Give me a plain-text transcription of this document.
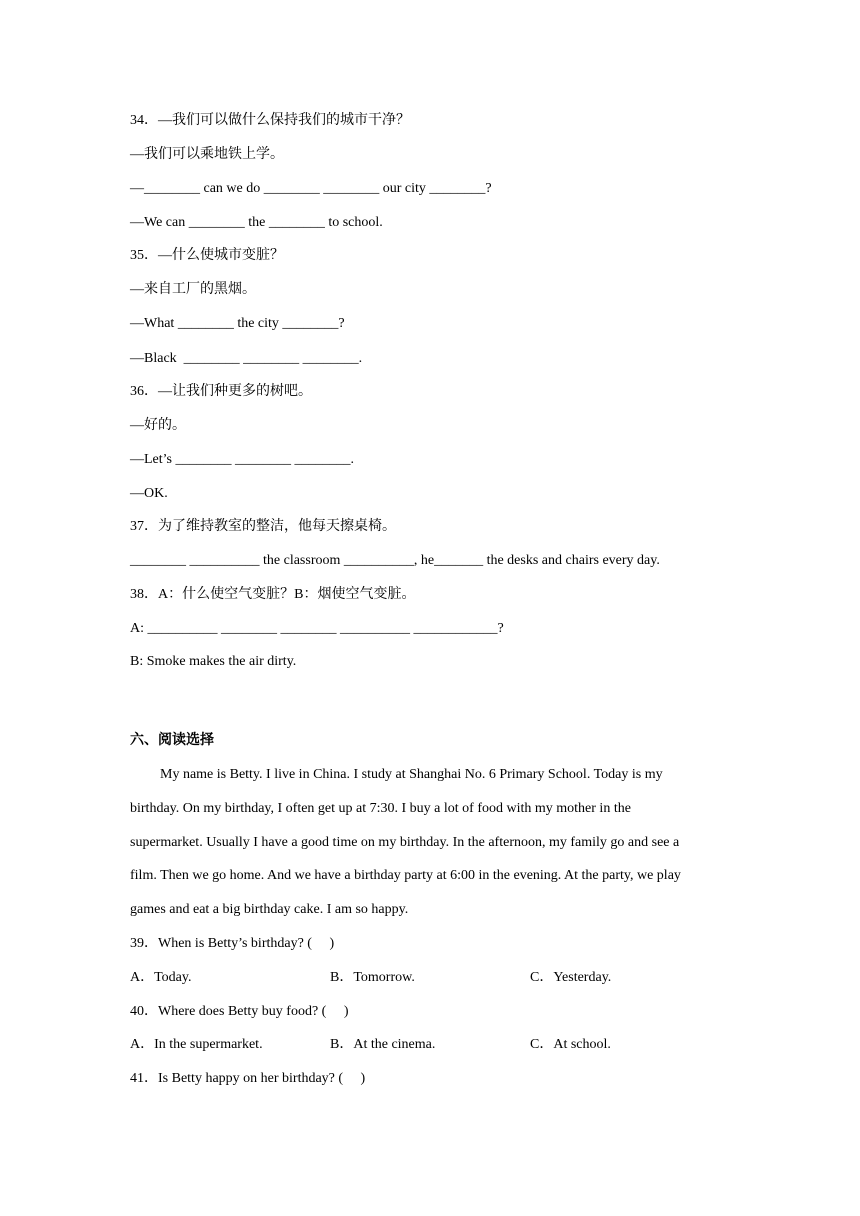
34．—我们可以做什么保持我们的城市干净？
—我们可以乘地铁上学。
—________ can we do ________ ________ our city ________?
—We can ________ the ________ to school.
35．—什么使城市变脏？
—来自工厂的黑烟。
—What ________ the city ________?
—Black  ________ ________ ________.
36．—让我们种更多的树吧。
—好的。
—Let’s ________ ________ ________.
—OK.
37．为了维持教室的整洁，他每天擦桌椅。
________ __________ the classroom __________, he_______ the desks and chairs every day.
38．A：什么使空气变脏？B：烟使空气变脏。
A: __________ ________ ________ __________ ____________?
B: Smoke makes the air dirty.
六、阅读选择
My name is Betty. I live in China. I study at Shanghai No. 6 Primary School. Today is my
birthday. On my birthday, I often get up at 7:30. I buy a lot of food with my mother in the
supermarket. Usually I have a good time on my birthday. In the afternoon, my family go and see a
film. Then we go home. And we have a birthday party at 6:00 in the evening. At the party, we play
games and eat a big birthday cake. I am so happy.
39．When is Betty’s birthday? (     )
A．Today.	B．Tomorrow.	C．Yesterday.
40．Where does Betty buy food? (     )
A．In the supermarket.	B．At the cinema.	C．At school.
41．Is Betty happy on her birthday? (     )
